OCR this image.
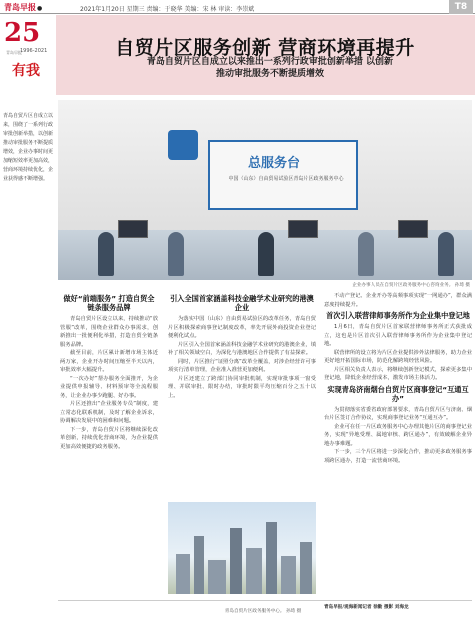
青岛早报●	2021年1月20日 星期三 责编：于晓华 美编：宋 林 审读：李崇斌	T8
25
青岛早报
1996-2021
有我
自贸片区服务创新 营商环境再提升
青岛自贸片区自成立以来推出一系列行政审批创新举措 以创新
推动审批服务不断提质增效
青岛自贸片区自成立以来，围绕了一系列行政审批创新举措，以创新推动审批服务不断提质增效，企业办事时间更加缩短效率更加高效，营商环境持续优化，企业获得感不断增强。
总服务台
中国（山东）自由贸易试验区青岛片区政务服务中心
企业办事人员在自贸片区政务服务中心咨询业务。 孙琦 摄
做好“前端服务” 打造自贸全链条服务品牌

青岛自贸片区设立以来，持续推动“放管服”改革，围绕企业群众办事需求，创新推出一批便利化举措，打造自贸全链条服务品牌。

截至目前，片区累计新增市场主体近两万家，企业开办时间压缩至半天以内，审批效率大幅提升。

“一次办好”帮办服务全面推开，为企业提供申报辅导、材料预审等全流程服务，让企业办事少跑腿、好办事。

片区还推出“企业服务专员”制度，建立常态化联系机制，及时了解企业诉求，协调解决发展中的困难和问题。

下一步，青岛自贸片区将继续深化改革创新，持续优化营商环境，为企业提供更加高效便捷的政务服务。

引入全国首家涵盖科技金融学术业研究的港澳企业

为落实中国（山东）自由贸易试验区的改革任务，青岛自贸片区积极探索商事登记制度改革，率先开展外商投资企业登记便利化试点。

片区引入全国首家涵盖科技金融学术业研究的港澳企业，填补了相关领域空白，为深化与港澳地区合作提供了有益探索。

同时，片区推行“证照分离”改革全覆盖，对涉企经营许可事项实行清单管理，企业准入准营更加便利。

片区还建立了跨部门协同审批机制，实现审批事项一窗受理、并联审批、限时办结，审批时限平均压缩百分之五十以上。

不动产登记、企业开办等高频事项实现“一网通办”，群众满意度持续提升。

首次引入联营律师事务所作为企业集中登记地

1月6日，青岛自贸片区首家联营律师事务所正式获批成立，这也是片区首次引入联营律师事务所作为企业集中登记地。

联营律所的设立将为片区企业提供涉外法律服务，助力企业更好地开拓国际市场，防范化解跨境经营风险。

片区相关负责人表示，将继续创新登记模式，探索更多集中登记地，降低企业经营成本，激发市场主体活力。

实现青岛济南烟台自贸片区商事登记“互通互办”

为贯彻落实省委省政府部署要求，青岛自贸片区与济南、烟台片区签订合作协议，实现商事登记业务“互通互办”。

企业可在任一片区政务服务中心办理其他片区的商事登记业务，实现“异地受理、属地审核、跨区通办”，有效破解企业异地办事难题。

下一步，三个片区将进一步深化合作，推动更多政务服务事项跨区通办，打造一流营商环境。

青岛自贸片区政务服务中心。 孙琦 摄
青岛早报/观海新闻记者 徐勤 摄影 刘海龙
